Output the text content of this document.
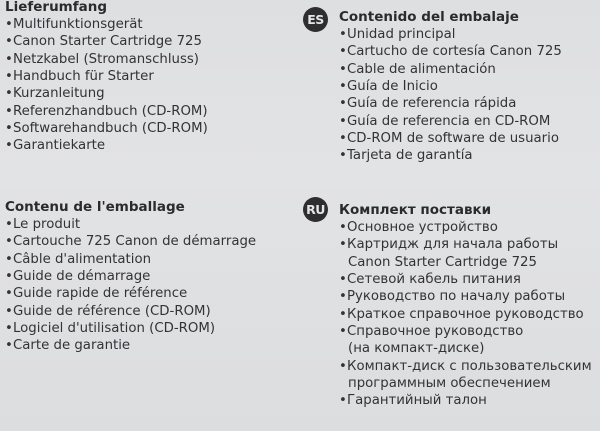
Lieferumfang
•Multifunktionsgerät
•Canon Starter Cartridge 725
•Netzkabel (Stromanschluss)
•Handbuch für Starter
•Kurzanleitung
•Referenzhandbuch (CD-ROM)
•Softwarehandbuch (CD-ROM)
•Garantiekarte
ES	Contenido del embalaje
•Unidad principal
•Cartucho de cortesía Canon 725
•Cable de alimentación
•Guía de Inicio
•Guía de referencia rápida
•Guía de referencia en CD-ROM
•CD-ROM de software de usuario
•Tarjeta de garantía
Contenu de l'emballage
•Le produit
•Cartouche 725 Canon de démarrage
•Câble d'alimentation
•Guide de démarrage
•Guide rapide de référence
•Guide de référence (CD-ROM)
•Logiciel d'utilisation (CD-ROM)
•Carte de garantie
RU Комплект поставки
•Основное устройство
•Картридж для начала работы
Canon Starter Cartridge 725
•Сетевой кабель питания
•Руководство по началу работы
•Краткое справочное руководство
•Справочное руководство
(на компакт-диске)
•Компакт-диск с пользовательским
программным обеспечением
•Гарантийный талон
